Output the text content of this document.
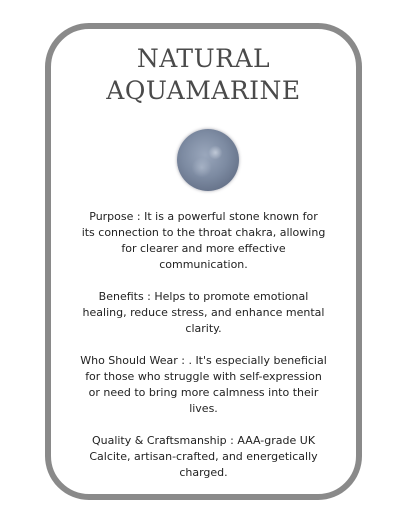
NATURAL
AQUAMARINE

Purpose : It is a powerful stone known for
its connection to the throat chakra, allowing
for clearer and more effective
communication.

Benefits : Helps to promote emotional
healing, reduce stress, and enhance mental
clarity.

Who Should Wear : . It's especially beneficial
for those who struggle with self-expression
or need to bring more calmness into their
lives.

Quality & Craftsmanship : AAA-grade UK
Calcite, artisan-crafted, and energetically
charged.
